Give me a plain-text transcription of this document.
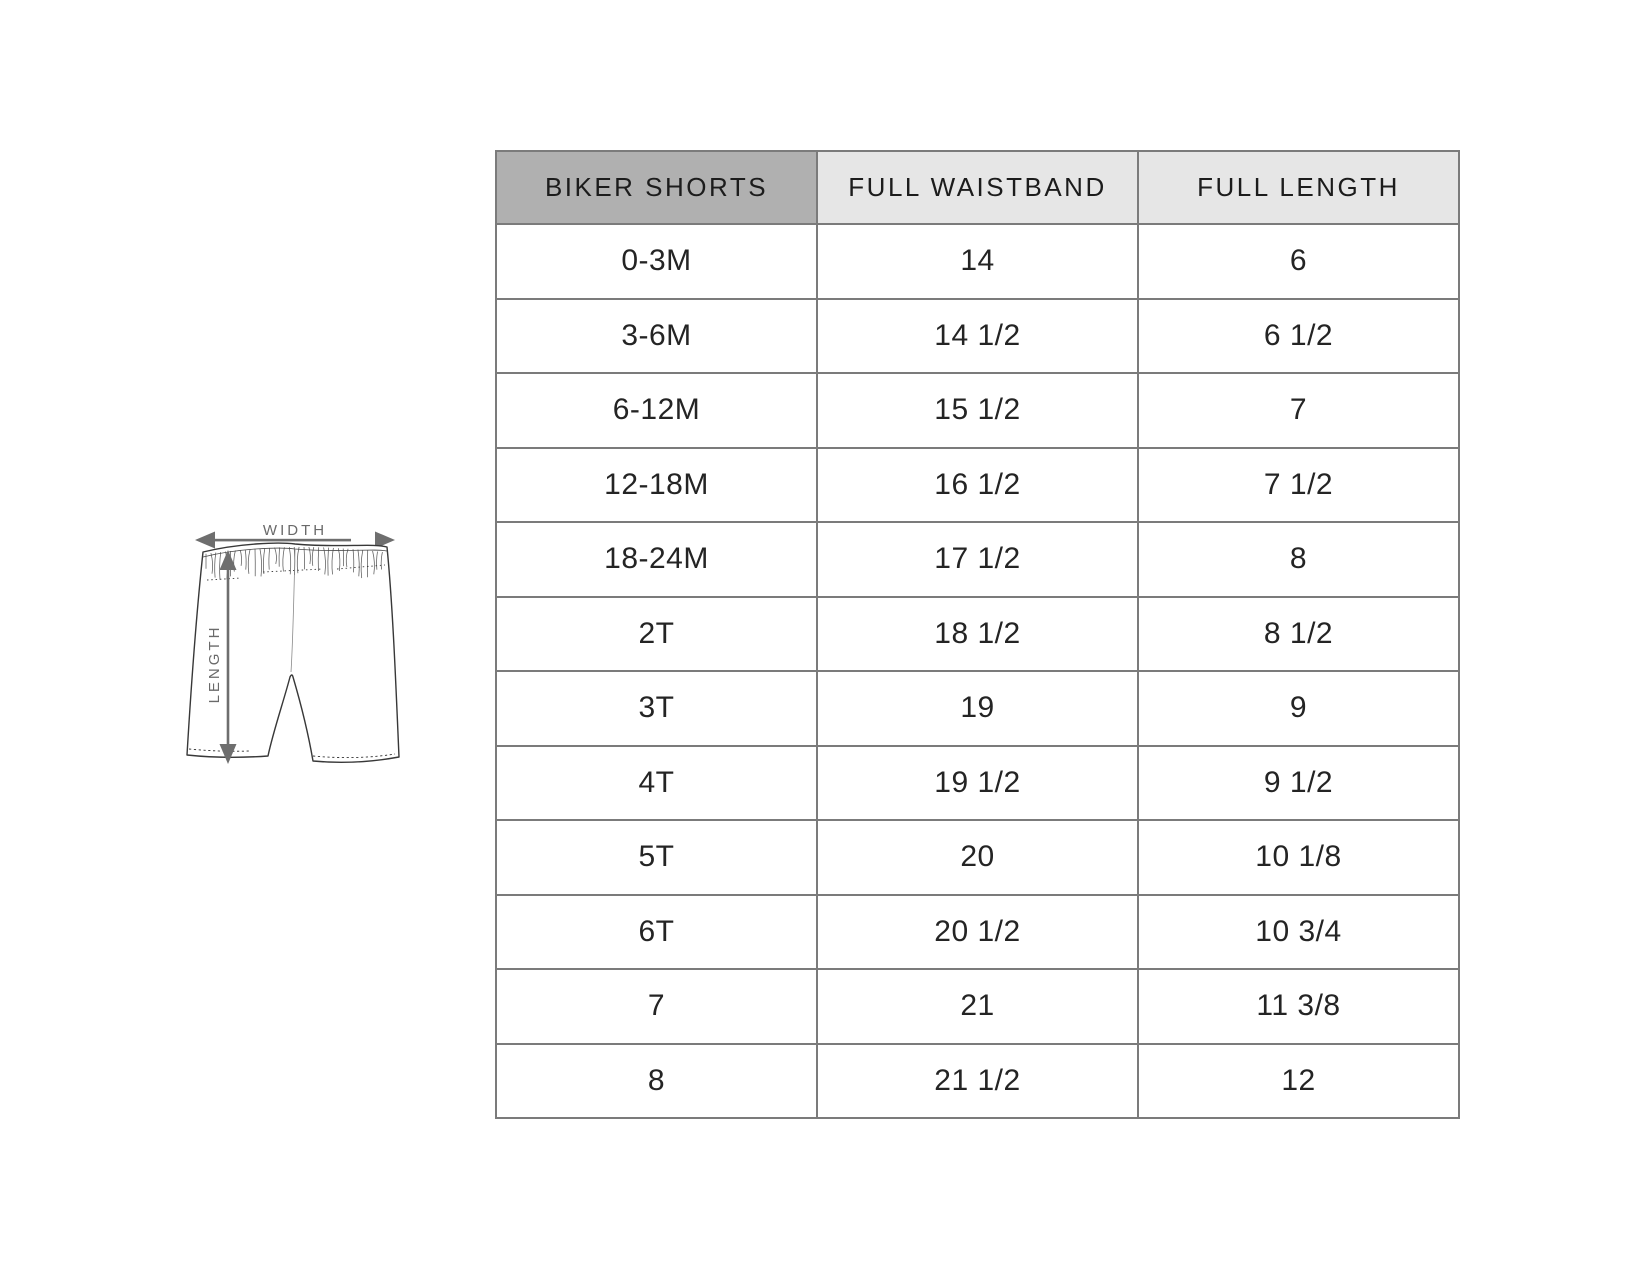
WIDTH
LENGTH
BIKER SHORTS	FULL WAISTBAND	FULL LENGTH
0-3M	14	6
3-6M	14 1/2	6 1/2
6-12M	15 1/2	7
12-18M	16 1/2	7 1/2
18-24M	17 1/2	8
2T	18 1/2	8 1/2
3T	19	9
4T	19 1/2	9 1/2
5T	20	10 1/8
6T	20 1/2	10 3/4
7	21	11 3/8
8	21 1/2	12
